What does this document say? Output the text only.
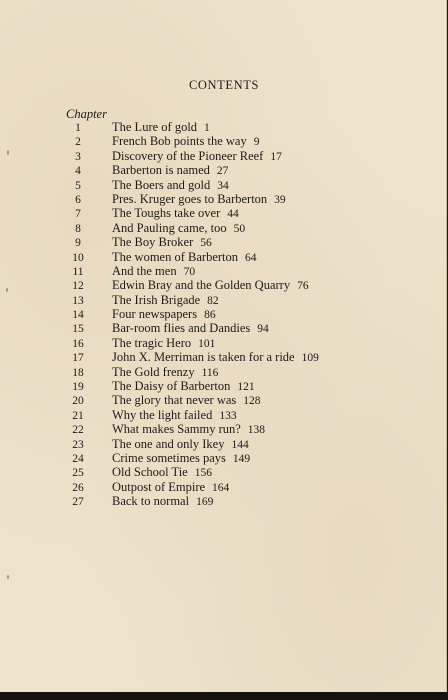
CONTENTS
Chapter
1	The Lure of gold 1
2	French Bob points the way 9
3	Discovery of the Pioneer Reef 17
4	Barberton is named 27
5	The Boers and gold 34
6	Pres. Kruger goes to Barberton 39
7	The Toughs take over 44
8	And Pauling came, too 50
9	The Boy Broker 56
10	The women of Barberton 64
11	And the men 70
12	Edwin Bray and the Golden Quarry 76
13	The Irish Brigade 82
14	Four newspapers 86
15	Bar-room flies and Dandies 94
16	The tragic Hero 101
17	John X. Merriman is taken for a ride 109
18	The Gold frenzy 116
19	The Daisy of Barberton 121
20	The glory that never was 128
21	Why the light failed 133
22	What makes Sammy run? 138
23	The one and only Ikey 144
24	Crime sometimes pays 149
25	Old School Tie 156
26	Outpost of Empire 164
27	Back to normal 169
